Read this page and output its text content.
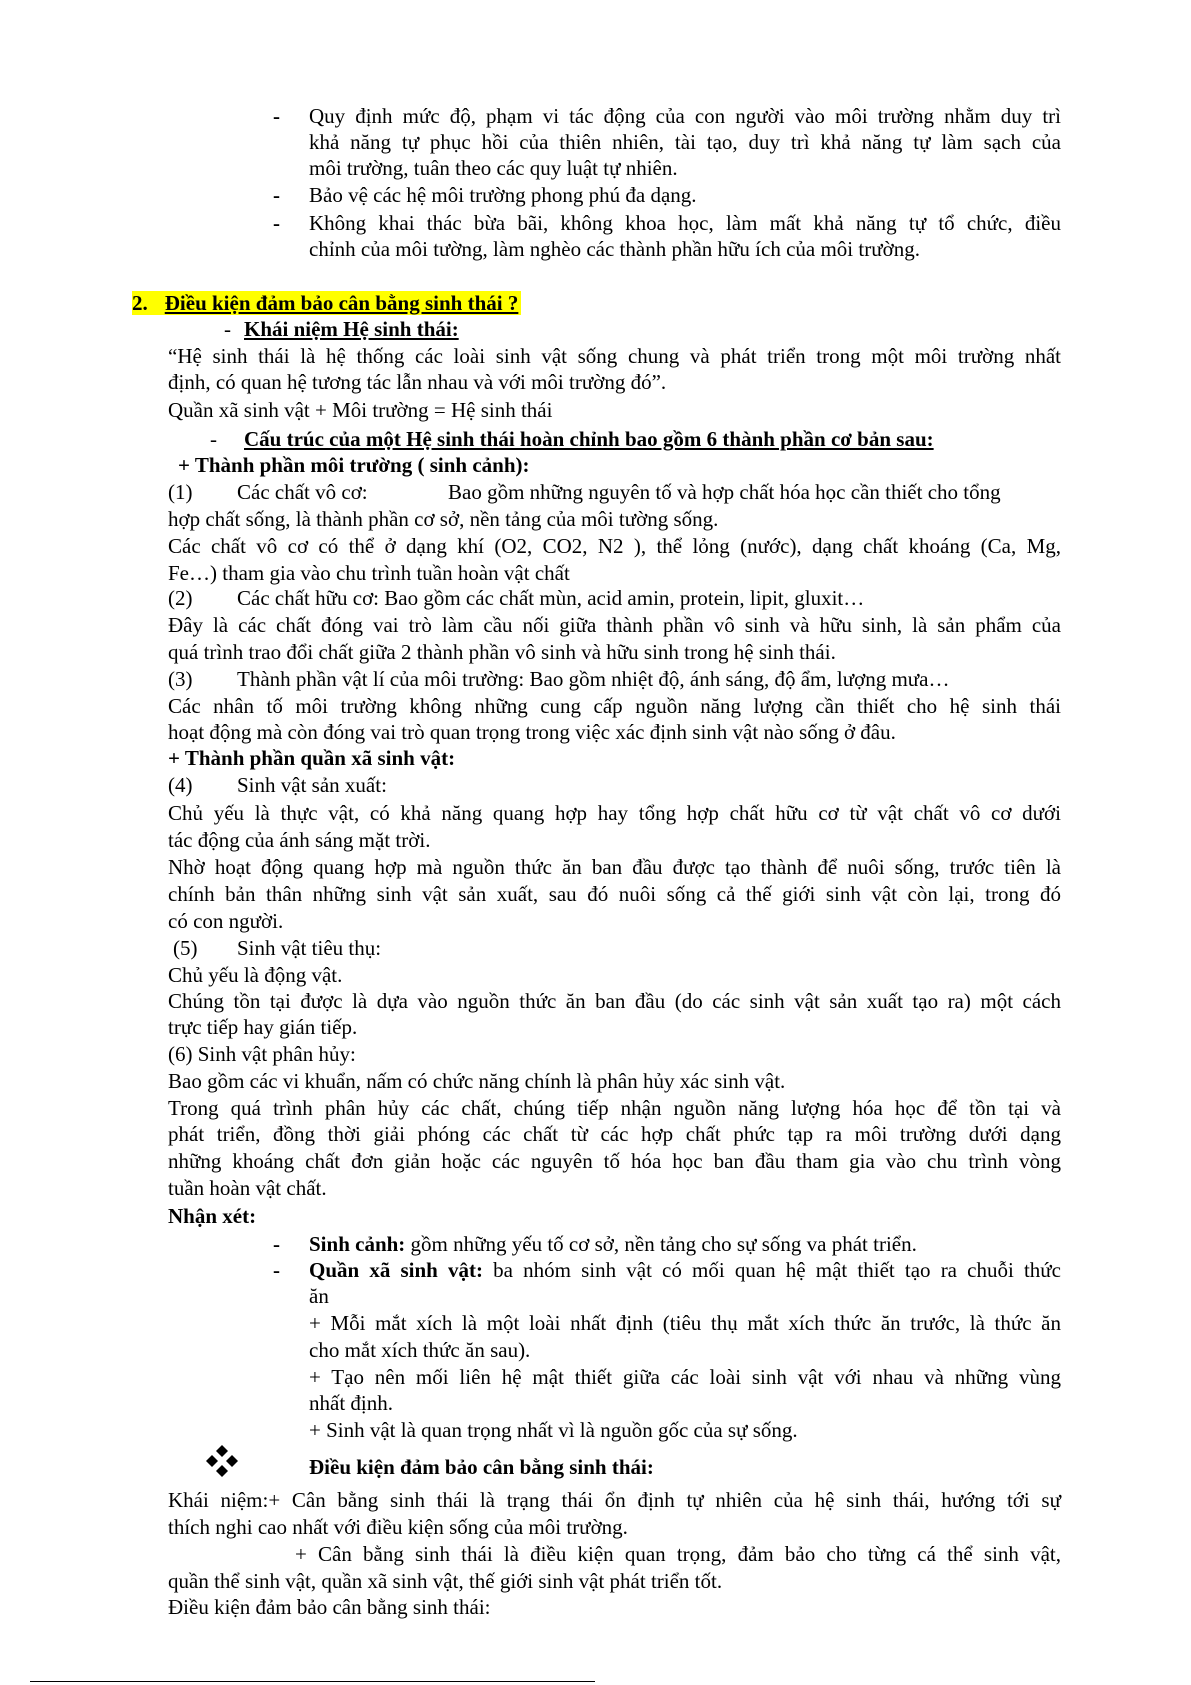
- Quy định mức độ, phạm vi tác động của con người vào môi trường nhằm duy trì
khả năng tự phục hồi của thiên nhiên, tài tạo, duy trì khả năng tự làm sạch của
môi trường, tuân theo các quy luật tự nhiên.
- Bảo vệ các hệ môi trường phong phú đa dạng.
- Không khai thác bừa bãi, không khoa học, làm mất khả năng tự tổ chức, điều
chỉnh của môi tường, làm nghèo các thành phần hữu ích của môi trường.
2. Điều kiện đảm bảo cân bằng sinh thái ?
- Khái niệm Hệ sinh thái:
“Hệ sinh thái là hệ thống các loài sinh vật sống chung và phát triển trong một môi trường nhất
định, có quan hệ tương tác lẫn nhau và với môi trường đó”.
Quần xã sinh vật + Môi trường = Hệ sinh thái
- Cấu trúc của một Hệ sinh thái hoàn chỉnh bao gồm 6 thành phần cơ bản sau:
+ Thành phần môi trường ( sinh cảnh):
(1) Các chất vô cơ:	Bao gồm những nguyên tố và hợp chất hóa học cần thiết cho tổng
hợp chất sống, là thành phần cơ sở, nền tảng của môi tường sống.
Các chất vô cơ có thể ở dạng khí (O2, CO2, N2 ), thể lỏng (nước), dạng chất khoáng (Ca, Mg,
Fe…) tham gia vào chu trình tuần hoàn vật chất
(2) Các chất hữu cơ: Bao gồm các chất mùn, acid amin, protein, lipit, gluxit…
Đây là các chất đóng vai trò làm cầu nối giữa thành phần vô sinh và hữu sinh, là sản phẩm của
quá trình trao đổi chất giữa 2 thành phần vô sinh và hữu sinh trong hệ sinh thái.
(3) Thành phần vật lí của môi trường: Bao gồm nhiệt độ, ánh sáng, độ ẩm, lượng mưa…
Các nhân tố môi trường không những cung cấp nguồn năng lượng cần thiết cho hệ sinh thái
hoạt động mà còn đóng vai trò quan trọng trong việc xác định sinh vật nào sống ở đâu.
+ Thành phần quần xã sinh vật:
(4) Sinh vật sản xuất:
Chủ yếu là thực vật, có khả năng quang hợp hay tổng hợp chất hữu cơ từ vật chất vô cơ dưới
tác động của ánh sáng mặt trời.
Nhờ hoạt động quang hợp mà nguồn thức ăn ban đầu được tạo thành để nuôi sống, trước tiên là
chính bản thân những sinh vật sản xuất, sau đó nuôi sống cả thế giới sinh vật còn lại, trong đó
có con người.
(5) Sinh vật tiêu thụ:
Chủ yếu là động vật.
Chúng tồn tại được là dựa vào nguồn thức ăn ban đầu (do các sinh vật sản xuất tạo ra) một cách
trực tiếp hay gián tiếp.
(6) Sinh vật phân hủy:
Bao gồm các vi khuẩn, nấm có chức năng chính là phân hủy xác sinh vật.
Trong quá trình phân hủy các chất, chúng tiếp nhận nguồn năng lượng hóa học để tồn tại và
phát triển, đồng thời giải phóng các chất từ các hợp chất phức tạp ra môi trường dưới dạng
những khoáng chất đơn giản hoặc các nguyên tố hóa học ban đầu tham gia vào chu trình vòng
tuần hoàn vật chất.
Nhận xét:
- Sinh cảnh: gồm những yếu tố cơ sở, nền tảng cho sự sống va phát triển.
- Quần xã sinh vật: ba nhóm sinh vật có mối quan hệ mật thiết tạo ra chuỗi thức
ăn
+ Mỗi mắt xích là một loài nhất định (tiêu thụ mắt xích thức ăn trước, là thức ăn
cho mắt xích thức ăn sau).
+ Tạo nên mối liên hệ mật thiết giữa các loài sinh vật với nhau và những vùng
nhất định.
+ Sinh vật là quan trọng nhất vì là nguồn gốc của sự sống.
Điều kiện đảm bảo cân bằng sinh thái:
Khái niệm:+ Cân bằng sinh thái là trạng thái ổn định tự nhiên của hệ sinh thái, hướng tới sự
thích nghi cao nhất với điều kiện sống của môi trường.
+ Cân bằng sinh thái là điều kiện quan trọng, đảm bảo cho từng cá thể sinh vật,
quần thể sinh vật, quần xã sinh vật, thế giới sinh vật phát triển tốt.
Điều kiện đảm bảo cân bằng sinh thái:
